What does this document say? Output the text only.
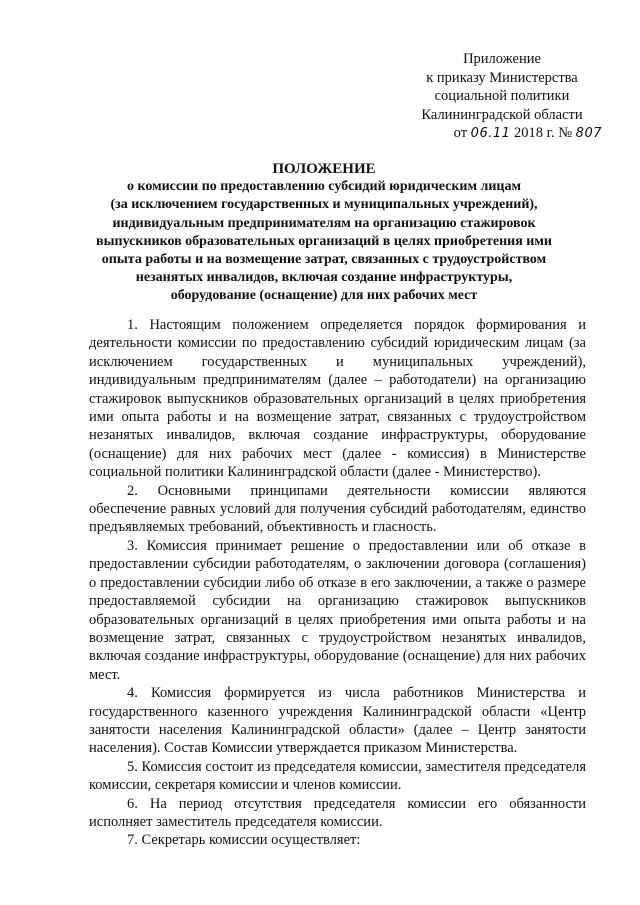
Приложение
к приказу Министерства
социальной политики
Калининградской области
от 06.11 2018 г. № 807
ПОЛОЖЕНИЕ
о комиссии по предоставлению субсидий юридическим лицам
(за исключением государственных и муниципальных учреждений),
индивидуальным предпринимателям на организацию стажировок
выпускников образовательных организаций в целях приобретения ими
опыта работы и на возмещение затрат, связанных с трудоустройством
незанятых инвалидов, включая создание инфраструктуры,
оборудование (оснащение) для них рабочих мест

1. Настоящим положением определяется порядок формирования и деятельности комиссии по предоставлению субсидий юридическим лицам (за исключением государственных и муниципальных учреждений), индивидуальным предпринимателям (далее – работодатели) на организацию стажировок выпускников образовательных организаций в целях приобретения ими опыта работы и на возмещение затрат, связанных с трудоустройством незанятых инвалидов, включая создание инфраструктуры, оборудование (оснащение) для них рабочих мест (далее - комиссия) в Министерстве социальной политики Калининградской области (далее - Министерство).

2. Основными принципами деятельности комиссии являются обеспечение равных условий для получения субсидий работодателям, единство предъявляемых требований, объективность и гласность.

3. Комиссия принимает решение о предоставлении или об отказе в предоставлении субсидии работодателям, о заключении договора (соглашения) о предоставлении субсидии либо об отказе в его заключении, а также о размере предоставляемой субсидии на организацию стажировок выпускников образовательных организаций в целях приобретения ими опыта работы и на возмещение затрат, связанных с трудоустройством незанятых инвалидов, включая создание инфраструктуры, оборудование (оснащение) для них рабочих мест.

4. Комиссия формируется из числа работников Министерства и государственного казенного учреждения Калининградской области «Центр занятости населения Калининградской области» (далее – Центр занятости населения). Состав Комиссии утверждается приказом Министерства.

5. Комиссия состоит из председателя комиссии, заместителя председателя комиссии, секретаря комиссии и членов комиссии.

6. На период отсутствия председателя комиссии его обязанности исполняет заместитель председателя комиссии.

7. Секретарь комиссии осуществляет:
